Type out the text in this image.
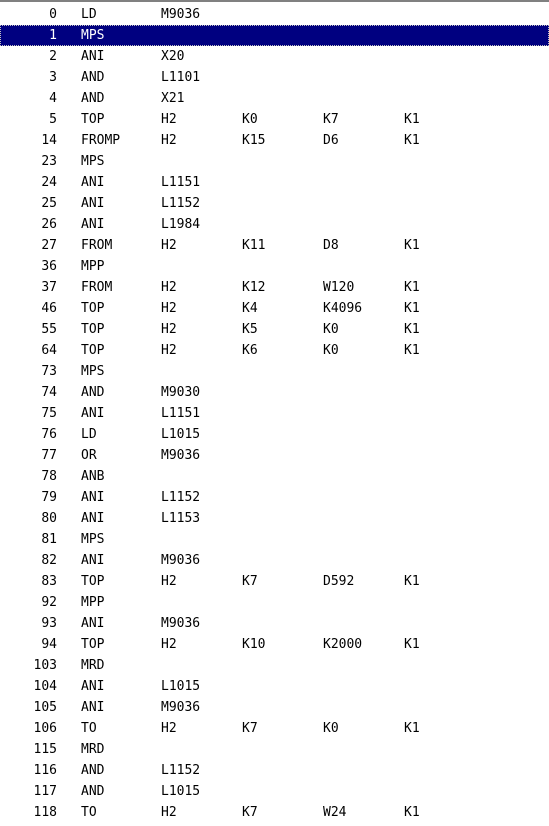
0 LD	M9036
1 MPS
2 ANI	X20
3 AND	L1101
4 AND	X21
5 TOP	H2	K0	K7	K1
14 FROMP	H2	K15	D6	K1
23 MPS
24 ANI	L1151
25 ANI	L1152
26 ANI	L1984
27 FROM	H2	K11	D8	K1
36 MPP
37 FROM	H2	K12	W120	K1
46 TOP	H2	K4	K4096	K1
55 TOP	H2	K5	K0	K1
64 TOP	H2	K6	K0	K1
73 MPS
74 AND	M9030
75 ANI	L1151
76 LD	L1015
77 OR	M9036
78 ANB
79 ANI	L1152
80 ANI	L1153
81 MPS
82 ANI	M9036
83 TOP	H2	K7	D592	K1
92 MPP
93 ANI	M9036
94 TOP	H2	K10	K2000	K1
103 MRD
104 ANI	L1015
105 ANI	M9036
106 TO	H2	K7	K0	K1
115 MRD
116 AND	L1152
117 AND	L1015
118 TO	H2	K7	W24	K1
